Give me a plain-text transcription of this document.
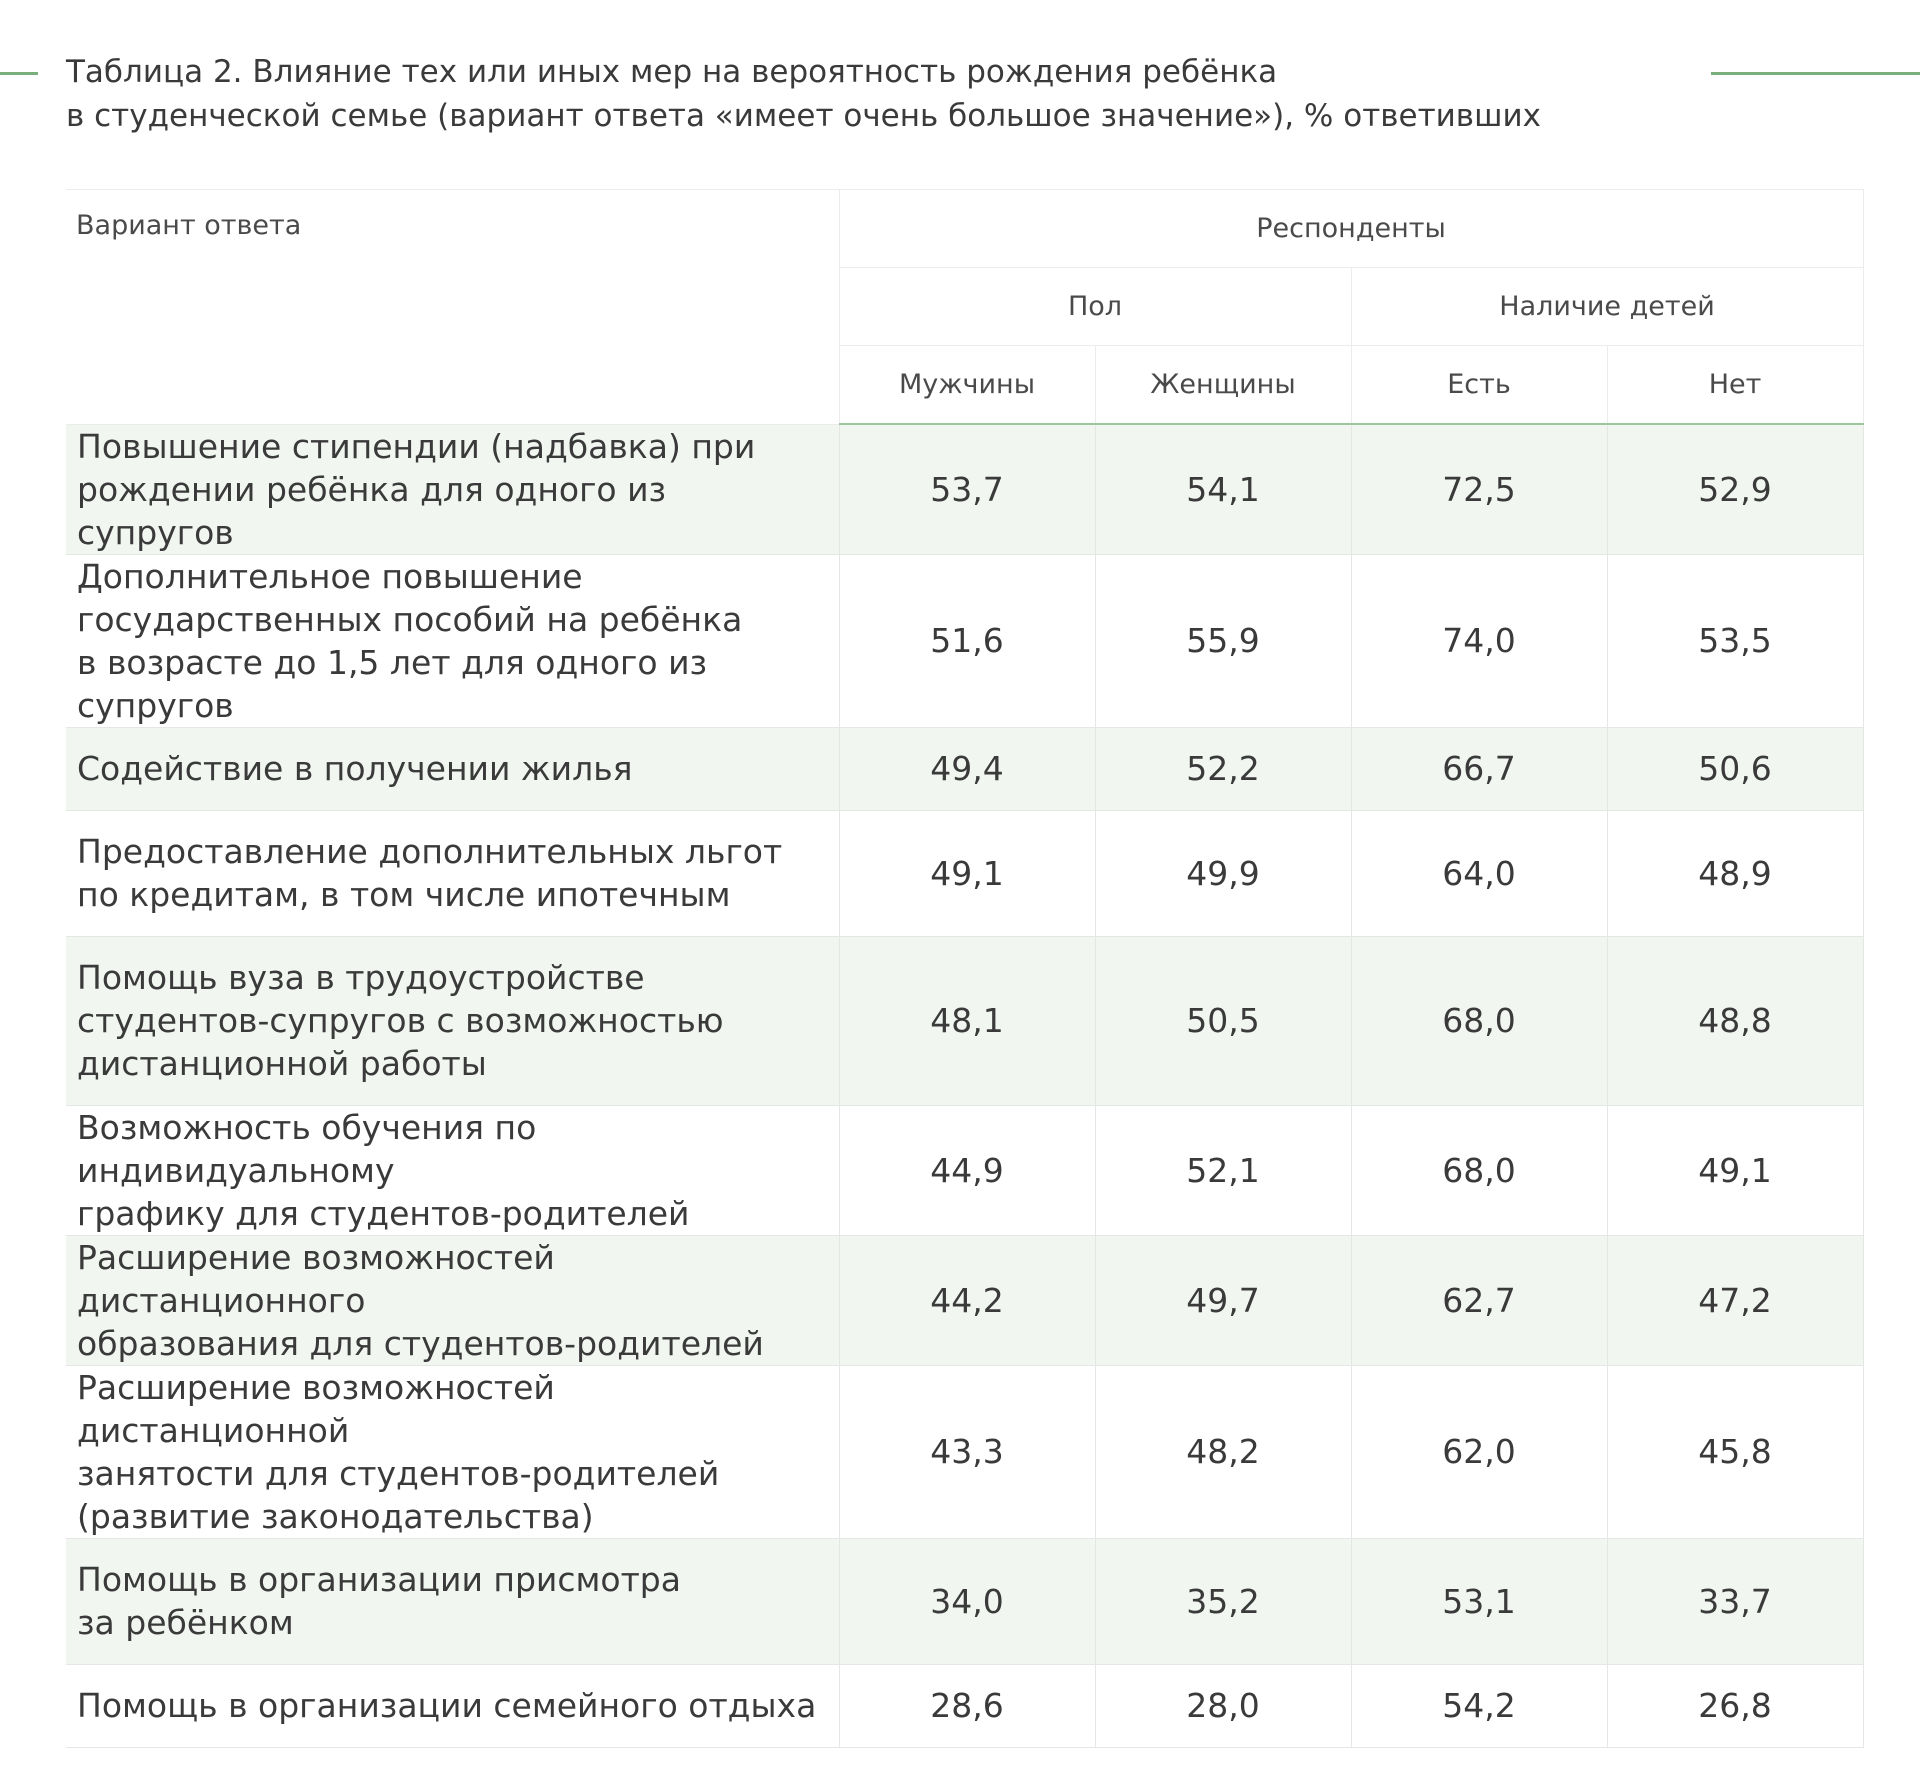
Таблица 2. Влияние тех или иных мер на вероятность рождения ребёнка
в студенческой семье (вариант ответа «имеет очень большое значение»), % ответивших
Вариант ответа	Респонденты			
	Пол		Наличие детей	
	Мужчины	Женщины	Есть	Нет
Повышение стипендии (надбавка) при
рождении ребёнка для одного из супругов	53,7	54,1	72,5	52,9
Дополнительное повышение
государственных пособий на ребёнка
в возрасте до 1,5 лет для одного из супругов	51,6	55,9	74,0	53,5
Содействие в получении жилья	49,4	52,2	66,7	50,6
Предоставление дополнительных льгот
по кредитам, в том числе ипотечным	49,1	49,9	64,0	48,9
Помощь вуза в трудоустройстве
студентов-супругов с возможностью
дистанционной работы	48,1	50,5	68,0	48,8
Возможность обучения по индивидуальному
графику для студентов-родителей	44,9	52,1	68,0	49,1
Расширение возможностей дистанционного
образования для студентов-родителей	44,2	49,7	62,7	47,2
Расширение возможностей дистанционной
занятости для студентов-родителей
(развитие законодательства)	43,3	48,2	62,0	45,8
Помощь в организации присмотра
за ребёнком	34,0	35,2	53,1	33,7
Помощь в организации семейного отдыха	28,6	28,0	54,2	26,8
